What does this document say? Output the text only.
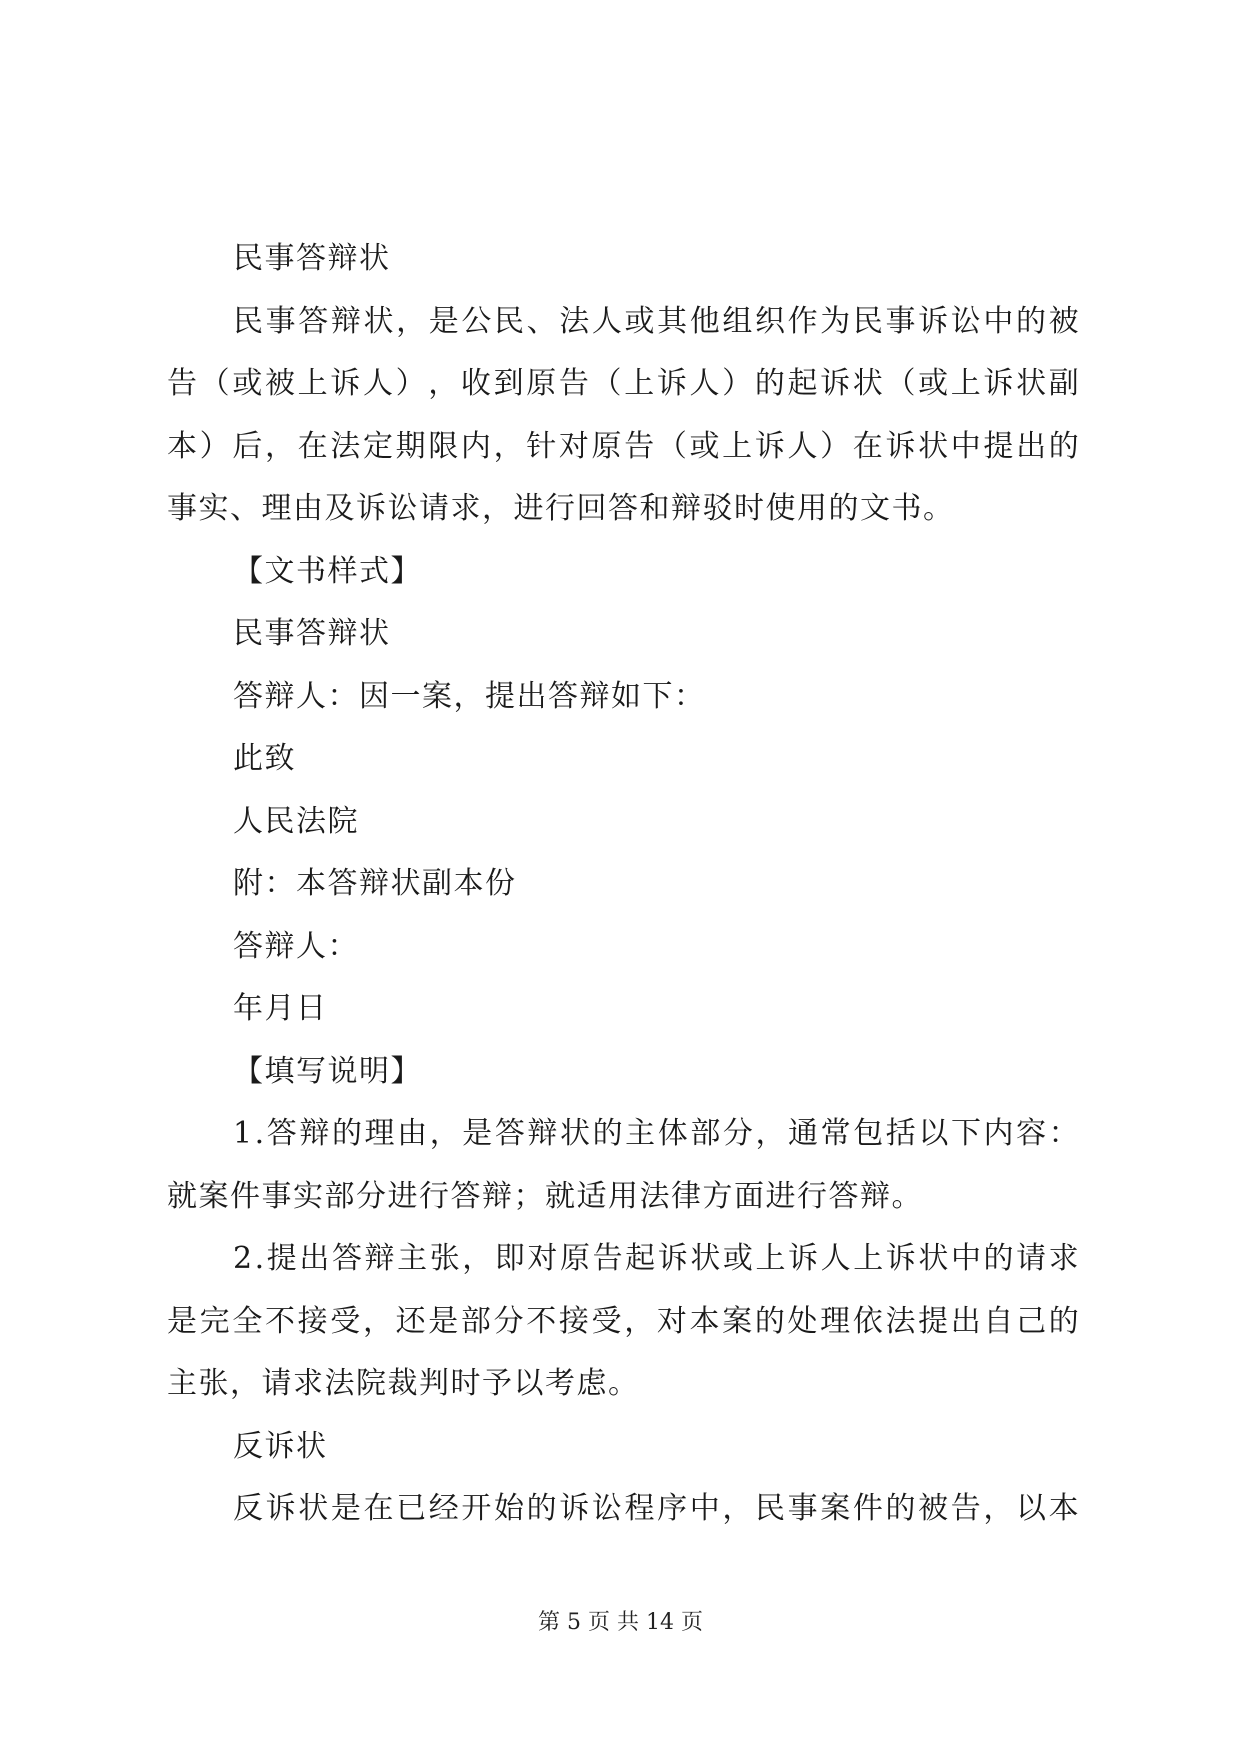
民事答辩状
民 事 答 辩 状 ， 是 公 民 、 法 人 或 其 他 组 织 作 为 民 事 诉 讼 中 的 被
告 （ 或 被 上 诉 人 ） ， 收 到 原 告 （ 上 诉 人 ） 的 起 诉 状 （ 或 上 诉 状 副
本 ） 后 ， 在 法 定 期 限 内 ， 针 对 原 告 （ 或 上 诉 人 ） 在 诉 状 中 提 出 的
事实、理由及诉讼请求，进行回答和辩驳时使用的文书。
【文书样式】
民事答辩状
答辩人：因一案，提出答辩如下：
此致
人民法院
附：本答辩状副本份
答辩人：
年月日
【填写说明】
1 . 答 辩 的 理 由 ， 是 答 辩 状 的 主 体 部 分 ， 通 常 包 括 以 下 内 容 ：
就案件事实部分进行答辩；就适用法律方面进行答辩。
2 . 提 出 答 辩 主 张 ， 即 对 原 告 起 诉 状 或 上 诉 人 上 诉 状 中 的 请 求
是 完 全 不 接 受 ， 还 是 部 分 不 接 受 ， 对 本 案 的 处 理 依 法 提 出 自 己 的
主张，请求法院裁判时予以考虑。
反诉状
反 诉 状 是 在 已 经 开 始 的 诉 讼 程 序 中 ， 民 事 案 件 的 被 告 ， 以 本
第 5 页 共 14 页
